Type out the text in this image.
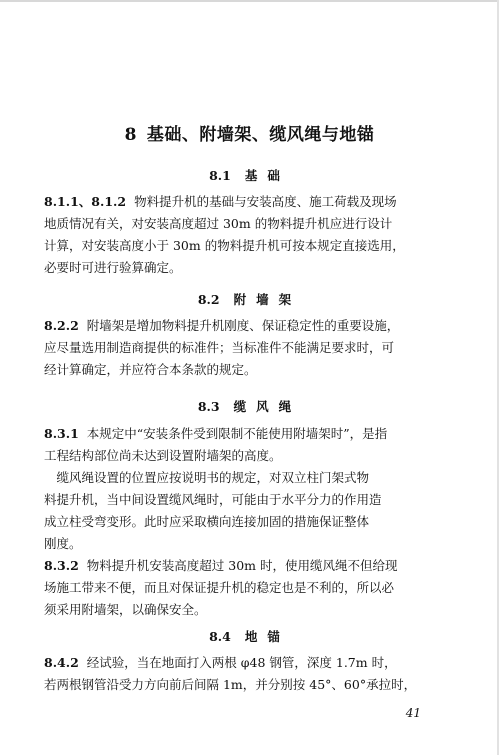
8 基础、附墙架、缆风绳与地锚
8.1 基础
8.1.1、8.1.2 物料提升机的基础与安装高度、施工荷载及现场
地质情况有关，对安装高度超过 30m 的物料提升机应进行设计
计算，对安装高度小于 30m 的物料提升机可按本规定直接选用，
必要时可进行验算确定。
8.2 附墙架
8.2.2 附墙架是增加物料提升机刚度、保证稳定性的重要设施，
应尽量选用制造商提供的标准件；当标准件不能满足要求时，可
经计算确定，并应符合本条款的规定。
8.3 缆风绳
8.3.1 本规定中“安装条件受到限制不能使用附墙架时”，是指
工程结构部位尚未达到设置附墙架的高度。
　缆风绳设置的位置应按说明书的规定，对双立柱门架式物
料提升机，当中间设置缆风绳时，可能由于水平分力的作用造
成立柱受弯变形。此时应采取横向连接加固的措施保证整体
刚度。
8.3.2 物料提升机安装高度超过 30m 时，使用缆风绳不但给现
场施工带来不便，而且对保证提升机的稳定也是不利的，所以必
须采用附墙架，以确保安全。
8.4 地锚
8.4.2 经试验，当在地面打入两根 φ48 钢管，深度 1.7m 时，
若两根钢管沿受力方向前后间隔 1m，并分别按 45°、60°承拉时，
41
